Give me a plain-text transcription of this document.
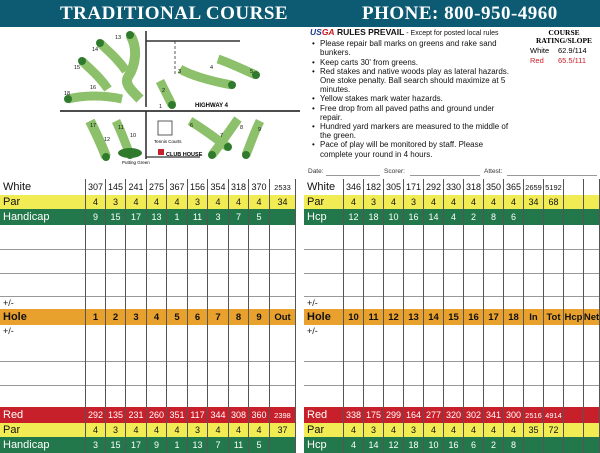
TRADITIONAL COURSE	PHONE: 800-950-4960
HIGHWAY 4
1
2
3
4
5
6
7
8	9
10
11
12
13
14
15
16
17
18
Putting Green
Tennis Courts
CLUB HOUSE
USGA RULES PREVAIL - Except for posted local rules
• Please repair ball marks on greens and rake sand bunkers.
• Keep carts 30' from greens.
• Red stakes and native woods play as lateral hazards. One stoke penalty. Ball search should maximize at 5 minutes.
• Yellow stakes mark water hazards.
• Free drop from all paved paths and ground under repair.
• Hundred yard markers are measured to the middle of the green.
• Pace of play will be monitored by staff. Please complete your round in 4 hours.
COURSE
RATING/SLOPE
White	62.9/114
Red	65.5/111
Date:	Scorer:	Attest:
White	307 145 241 275 367 156 354 318 370	2533
Par	4	3	4	4	4	3	4	4	4	34
Handicap	9	15	17	13	1	11	3	7	5
+/-
Hole	1	2	3	4	5	6	7	8	9	Out
+/-
Red	292 135 231 260 351 117 344 308 360	2398
Par	4	3	4	4	4	3	4	4	4	37
Handicap	3	15	17	9	1	13	7	11	5
White	346 182 305 171 292 330 318 350 365 2659 5192
Par	4	3	4	3	4	4	4	4	4	34	68
Hcp	12	18	10	16	14	4	2	8	6
+/-
Hole	10	11	12 13 14 15 16 17 18	In Tot Hcp Net
+/-
Red	338 175 299 164 277 320 302 341 300 2516 4914
Par	4	3	4	3	4	4	4	4	4	35	72
Hcp	4	14	12	18	10	16	6	2	8
